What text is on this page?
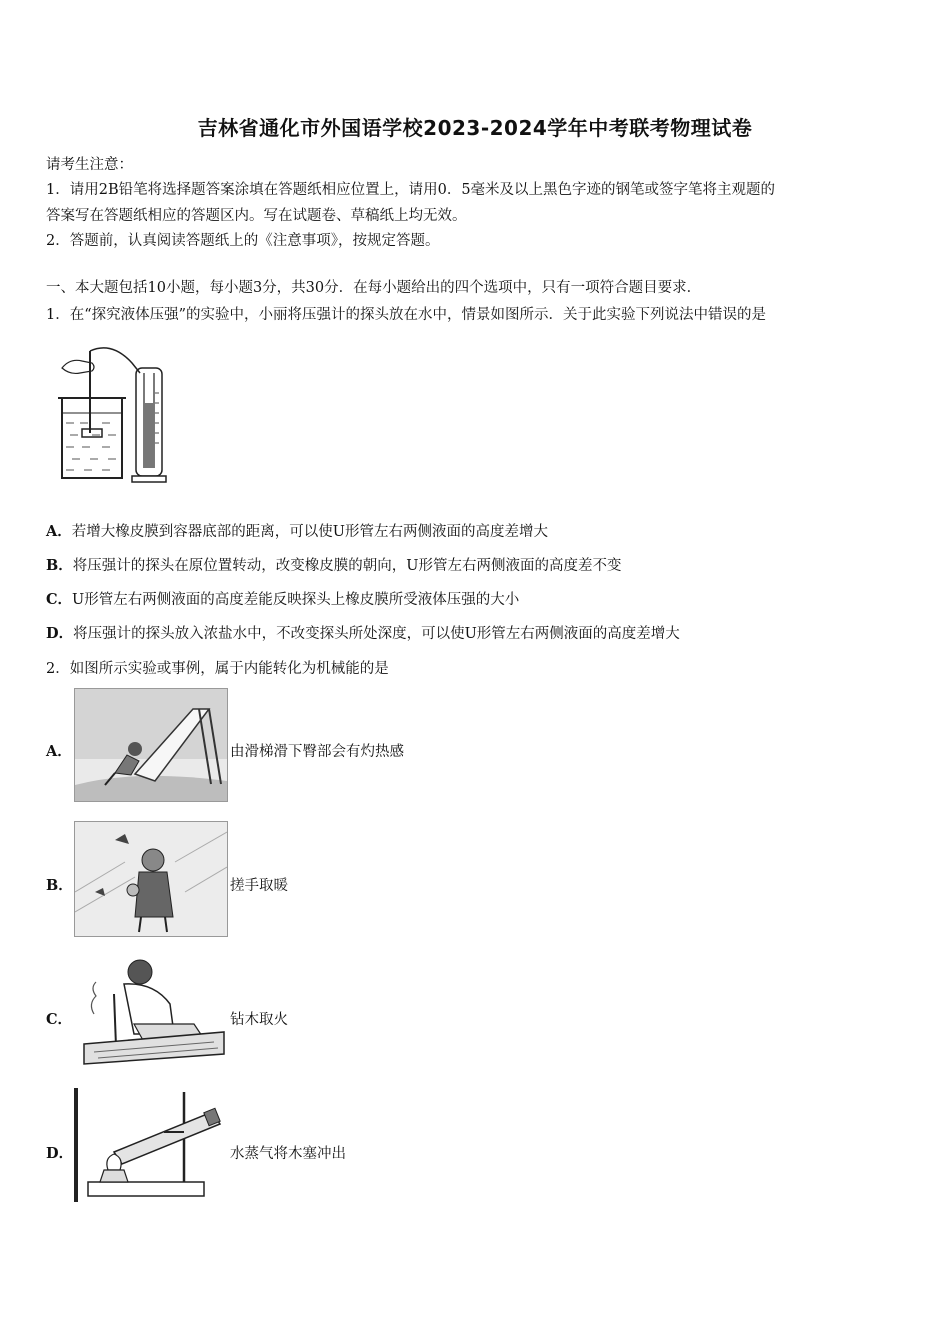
吉林省通化市外国语学校2023-2024学年中考联考物理试卷
请考生注意：
1．请用2B铅笔将选择题答案涂填在答题纸相应位置上，请用0．5毫米及以上黑色字迹的钢笔或签字笔将主观题的
答案写在答题纸相应的答题区内。写在试题卷、草稿纸上均无效。
2．答题前，认真阅读答题纸上的《注意事项》，按规定答题。
一、本大题包括10小题，每小题3分，共30分．在每小题给出的四个选项中，只有一项符合题目要求．
1．在“探究液体压强”的实验中，小丽将压强计的探头放在水中，情景如图所示．关于此实验下列说法中错误的是
A．若增大橡皮膜到容器底部的距离，可以使U形管左右两侧液面的高度差增大
B．将压强计的探头在原位置转动，改变橡皮膜的朝向，U形管左右两侧液面的高度差不变
C．U形管左右两侧液面的高度差能反映探头上橡皮膜所受液体压强的大小
D．将压强计的探头放入浓盐水中，不改变探头所处深度，可以使U形管左右两侧液面的高度差增大
2．如图所示实验或事例，属于内能转化为机械能的是
A．	由滑梯滑下臀部会有灼热感
B．	搓手取暖
C．	钻木取火
D．	水蒸气将木塞冲出
